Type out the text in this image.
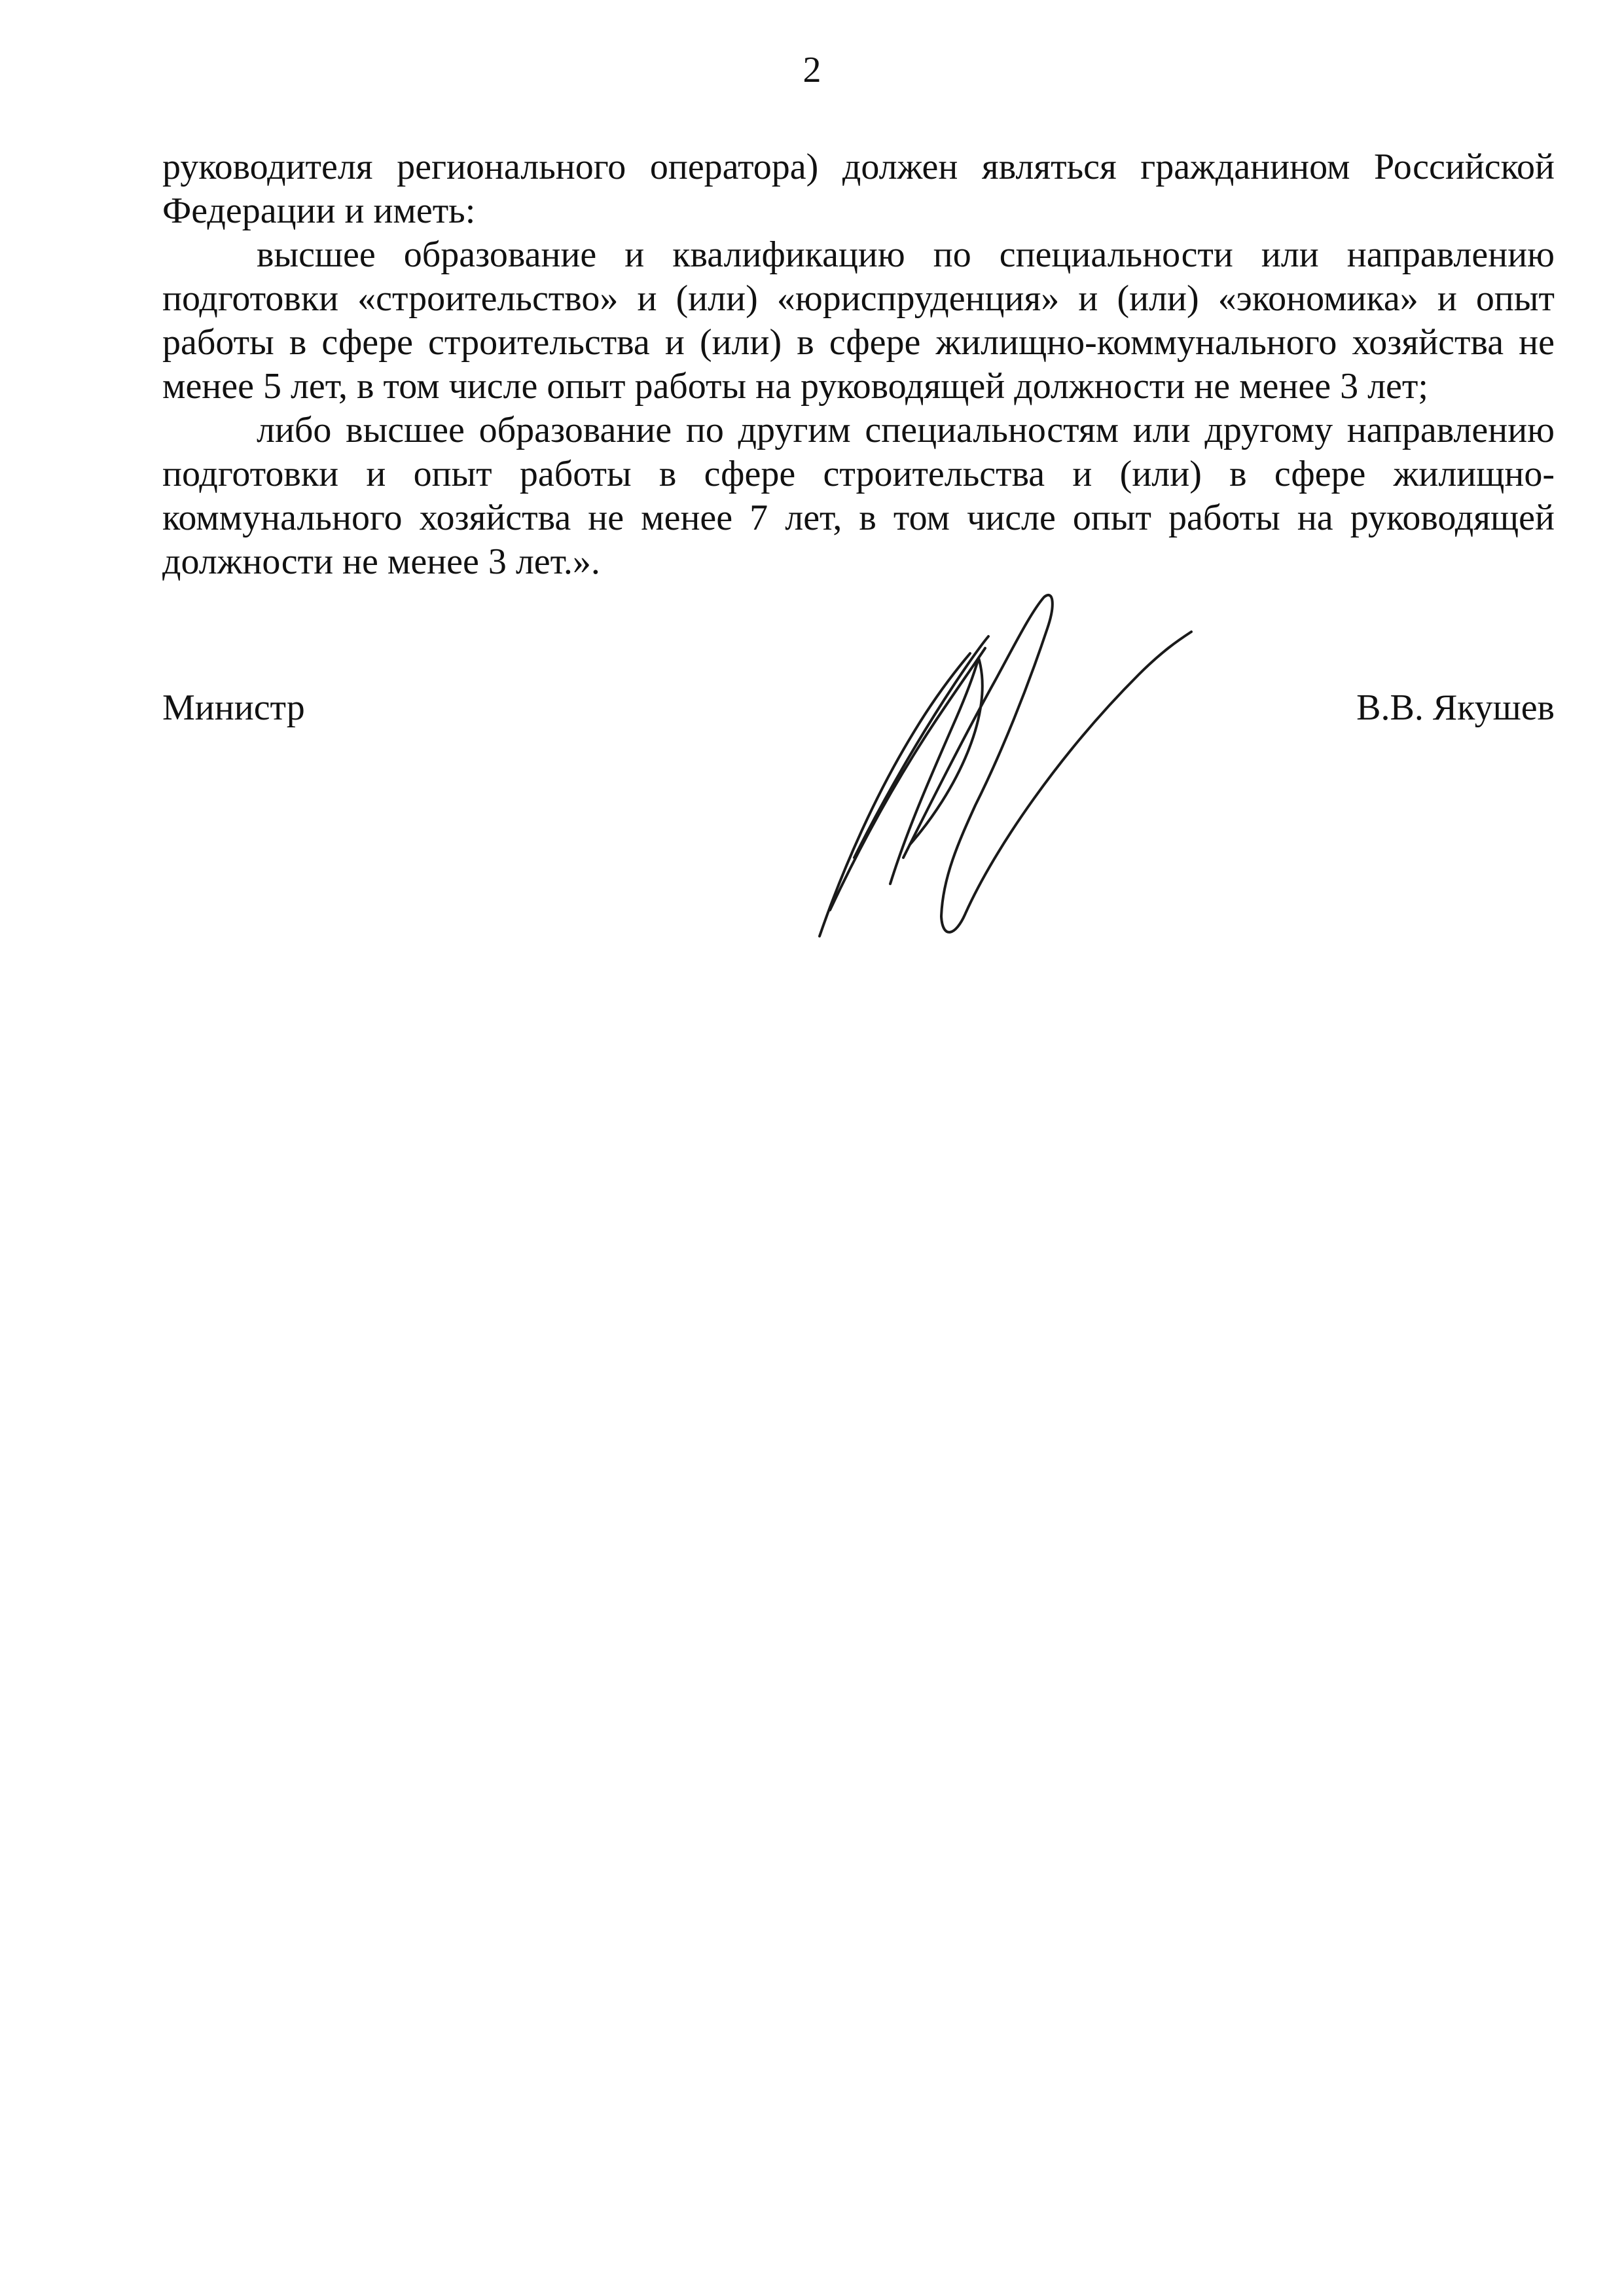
2

руководителя регионального оператора) должен являться гражданином Российской Федерации и иметь:

высшее образование и квалификацию по специальности или направлению подготовки «строительство» и (или) «юриспруденция» и (или) «экономика» и опыт работы в сфере строительства и (или) в сфере жилищно-коммунального хозяйства не менее 5 лет, в том числе опыт работы на руководящей должности не менее 3 лет;

либо высшее образование по другим специальностям или другому направлению подготовки и опыт работы в сфере строительства и (или) в сфере жилищно-коммунального хозяйства не менее 7 лет, в том числе опыт работы на руководящей должности не менее 3 лет.».

Министр	В.В. Якушев
